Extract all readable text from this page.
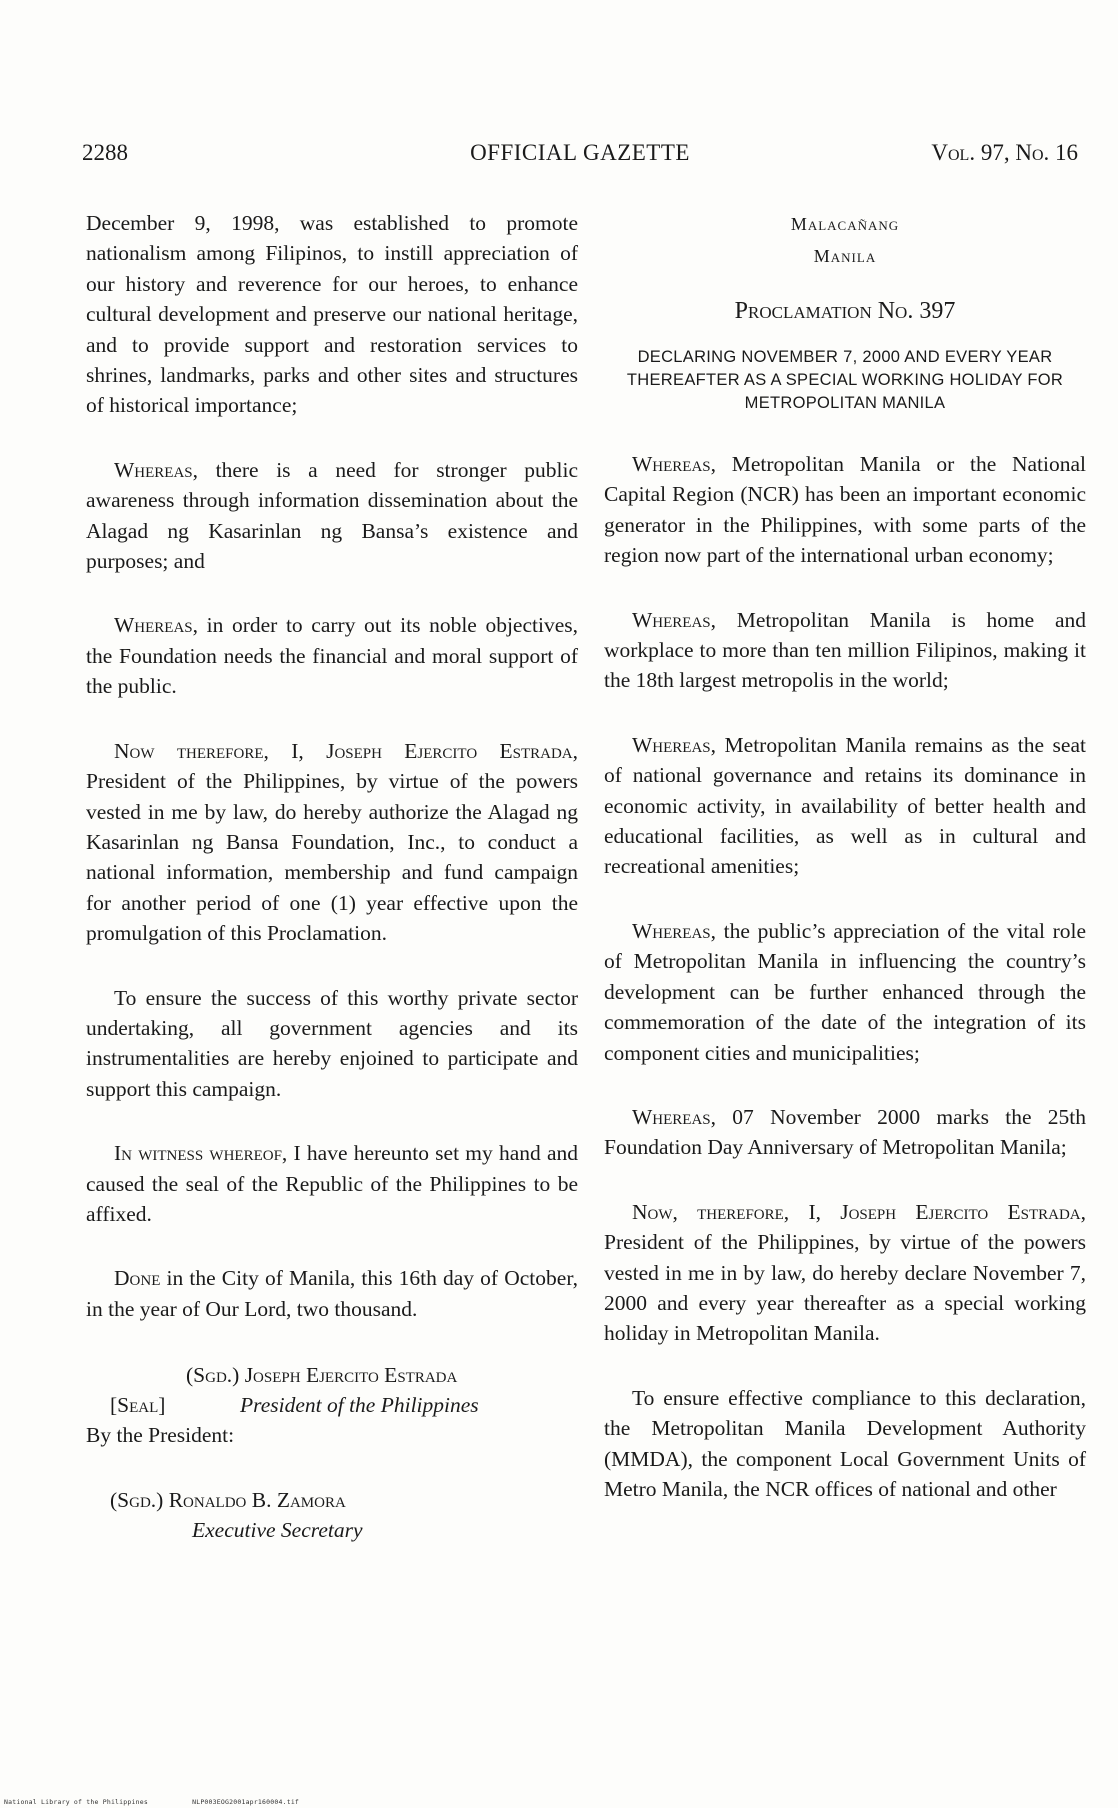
2288	OFFICIAL GAZETTE	Vol. 97, No. 16

December 9, 1998, was established to promote nationalism among Filipinos, to instill appreciation of our history and reverence for our heroes, to enhance cultural development and preserve our national heritage, and to provide support and restoration services to shrines, landmarks, parks and other sites and structures of historical importance;

Whereas, there is a need for stronger public awareness through information dissemination about the Alagad ng Kasarinlan ng Bansa’s existence and purposes; and

Whereas, in order to carry out its noble objectives, the Foundation needs the financial and moral support of the public.

Now therefore, I, Joseph Ejercito Estrada, President of the Philippines, by virtue of the powers vested in me by law, do hereby authorize the Alagad ng Kasarinlan ng Bansa Foundation, Inc., to conduct a national information, membership and fund campaign for another period of one (1) year effective upon the promulgation of this Proclamation.

To ensure the success of this worthy private sector undertaking, all government agencies and its instrumentalities are hereby enjoined to participate and support this campaign.

In witness whereof, I have hereunto set my hand and caused the seal of the Republic of the Philippines to be affixed.

Done in the City of Manila, this 16th day of October, in the year of Our Lord, two thousand.

(Sgd.) Joseph Ejercito Estrada
[Seal]	President of the Philippines

By the President:

(Sgd.) Ronaldo B. Zamora
Executive Secretary
Malacañang
Manila
Proclamation No. 397
DECLARING NOVEMBER 7, 2000 AND EVERY YEAR THEREAFTER AS A SPECIAL WORKING HOLIDAY FOR METROPOLITAN MANILA

Whereas, Metropolitan Manila or the National Capital Region (NCR) has been an important economic generator in the Philippines, with some parts of the region now part of the international urban economy;

Whereas, Metropolitan Manila is home and workplace to more than ten million Filipinos, making it the 18th largest metropolis in the world;

Whereas, Metropolitan Manila remains as the seat of national governance and retains its dominance in economic activity, in availability of better health and educational facilities, as well as in cultural and recreational amenities;

Whereas, the public’s appreciation of the vital role of Metropolitan Manila in influencing the country’s development can be further enhanced through the commemoration of the date of the integration of its component cities and municipalities;

Whereas, 07 November 2000 marks the 25th Foundation Day Anniversary of Metropolitan Manila;

Now, therefore, I, Joseph Ejercito Estrada, President of the Philippines, by virtue of the powers vested in me in by law, do hereby declare November 7, 2000 and every year thereafter as a special working holiday in Metropolitan Manila.

To ensure effective compliance to this declaration, the Metropolitan Manila Development Authority (MMDA), the component Local Government Units of Metro Manila, the NCR offices of national and other

National Library of the Philippines	NLP003EOG2001apr160004.tif
